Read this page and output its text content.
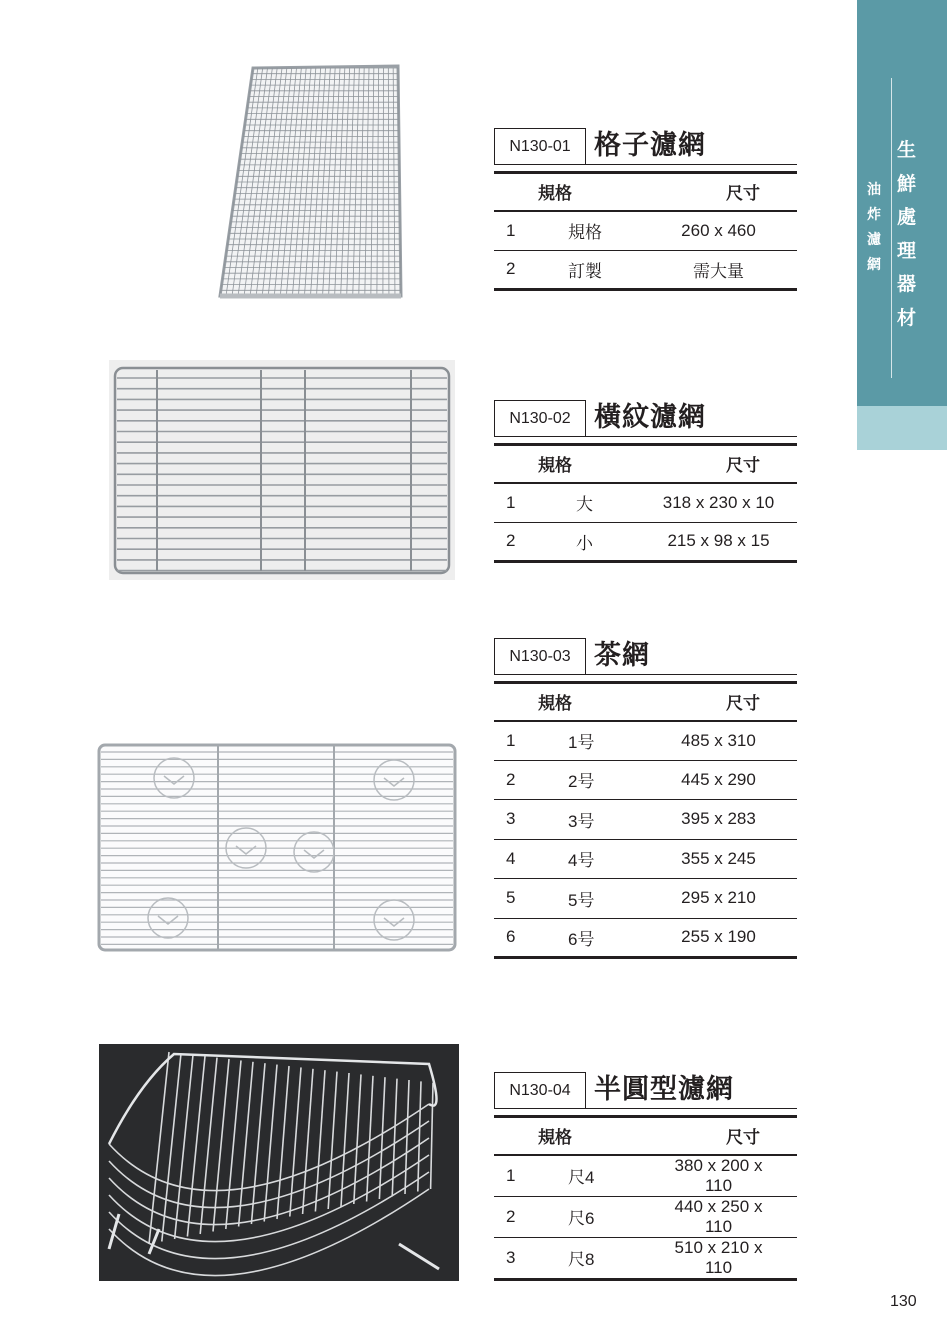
生
鮮
處
理
器
材
油
炸
濾
網
N130-01 格子濾網
規格		尺寸
1	規格	260 x 460
2	訂製	需大量
N130-02 橫紋濾網
規格		尺寸
1	大	318 x 230 x 10
2	小	215 x 98 x 15
N130-03 茶網
規格		尺寸
1	1号	485 x 310
2	2号	445 x 290
3	3号	395 x 283
4	4号	355 x 245
5	5号	295 x 210
6	6号	255 x 190
N130-04 半圓型濾網
規格		尺寸
1	尺4	380 x 200 x 110
2	尺6	440 x 250 x 110
3	尺8	510 x 210 x 110
130
